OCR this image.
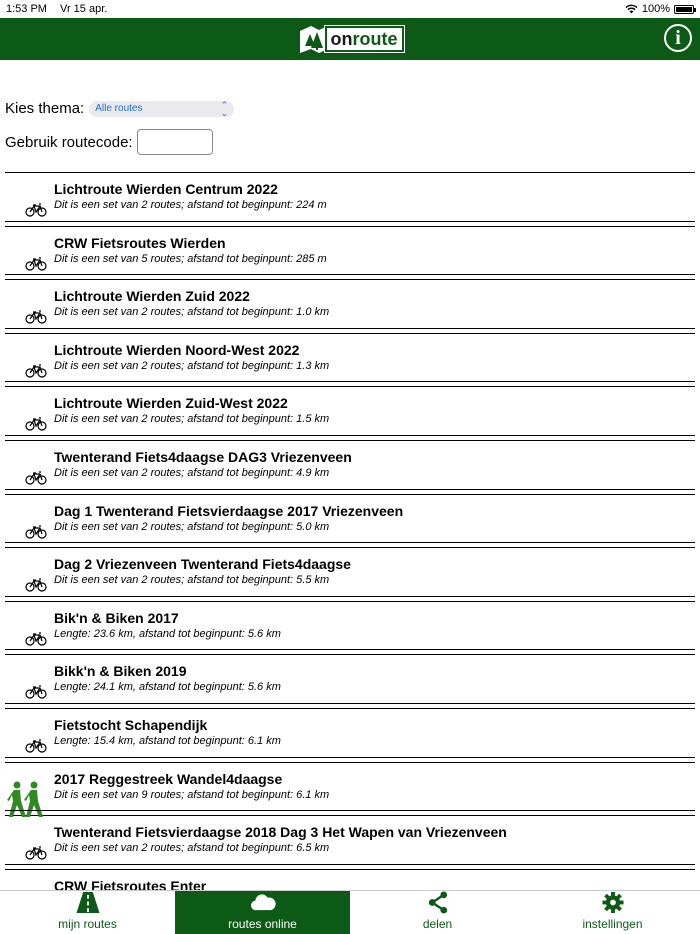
1:53 PM Vr 15 apr.	100%
onroute	i
Kies thema: Alle routes	⌃
⌄
Gebruik routecode:
Lichtroute Wierden Centrum 2022
Dit is een set van 2 routes; afstand tot beginpunt: 224 m
CRW Fietsroutes Wierden
Dit is een set van 5 routes; afstand tot beginpunt: 285 m
Lichtroute Wierden Zuid 2022
Dit is een set van 2 routes; afstand tot beginpunt: 1.0 km
Lichtroute Wierden Noord-West 2022
Dit is een set van 2 routes; afstand tot beginpunt: 1.3 km
Lichtroute Wierden Zuid-West 2022
Dit is een set van 2 routes; afstand tot beginpunt: 1.5 km
Twenterand Fiets4daagse DAG3 Vriezenveen
Dit is een set van 2 routes; afstand tot beginpunt: 4.9 km
Dag 1 Twenterand Fietsvierdaagse 2017 Vriezenveen
Dit is een set van 2 routes; afstand tot beginpunt: 5.0 km
Dag 2 Vriezenveen Twenterand Fiets4daagse
Dit is een set van 2 routes; afstand tot beginpunt: 5.5 km
Bik'n & Biken 2017
Lengte: 23.6 km, afstand tot beginpunt: 5.6 km
Bikk'n & Biken 2019
Lengte: 24.1 km, afstand tot beginpunt: 5.6 km
Fietstocht Schapendijk
Lengte: 15.4 km, afstand tot beginpunt: 6.1 km
2017 Reggestreek Wandel4daagse
Dit is een set van 9 routes; afstand tot beginpunt: 6.1 km
Twenterand Fietsvierdaagse 2018 Dag 3 Het Wapen van Vriezenveen
Dit is een set van 2 routes; afstand tot beginpunt: 6.5 km
CRW Fietsroutes Enter
mijn routes	routes online	delen	instellingen
